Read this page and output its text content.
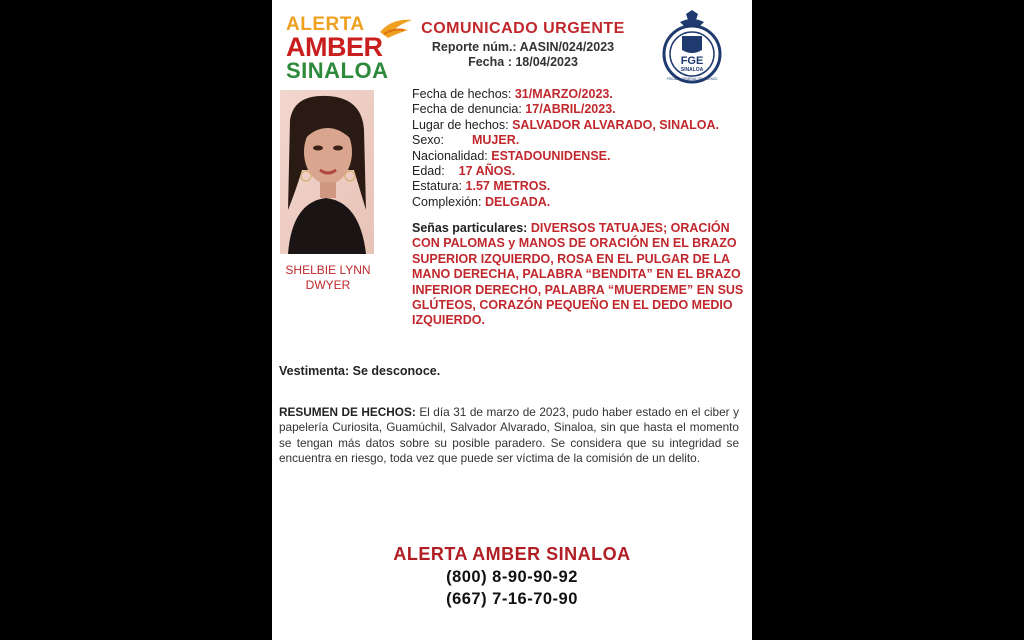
ALERTA
AMBER
SINALOA
COMUNICADO URGENTE
Reporte núm.: AASIN/024/2023
Fecha : 18/04/2023	FGE
SINALOA
FISCALÍA GENERAL DEL ESTADO
SHELBIE LYNN
DWYER
Fecha de hechos: 31/MARZO/2023.
Fecha de denuncia: 17/ABRIL/2023.
Lugar de hechos: SALVADOR ALVARADO, SINALOA.
Sexo: MUJER.
Nacionalidad: ESTADOUNIDENSE.
Edad: 17 AÑOS.
Estatura: 1.57 METROS.
Complexión: DELGADA.
Señas particulares: DIVERSOS TATUAJES; ORACIÓN CON PALOMAS y MANOS DE ORACIÓN EN EL BRAZO SUPERIOR IZQUIERDO, ROSA EN EL PULGAR DE LA MANO DERECHA, PALABRA “BENDITA” EN EL BRAZO INFERIOR DERECHO, PALABRA “MUERDEME” EN SUS GLÚTEOS, CORAZÓN PEQUEÑO EN EL DEDO MEDIO IZQUIERDO.
Vestimenta: Se desconoce.
RESUMEN DE HECHOS: El día 31 de marzo de 2023, pudo haber estado en el ciber y papelería Curiosita, Guamúchil, Salvador Alvarado, Sinaloa, sin que hasta el momento se tengan más datos sobre su posible paradero. Se considera que su integridad se encuentra en riesgo, toda vez que puede ser víctima de la comisión de un delito.
ALERTA AMBER SINALOA
(800) 8-90-90-92
(667) 7-16-70-90
